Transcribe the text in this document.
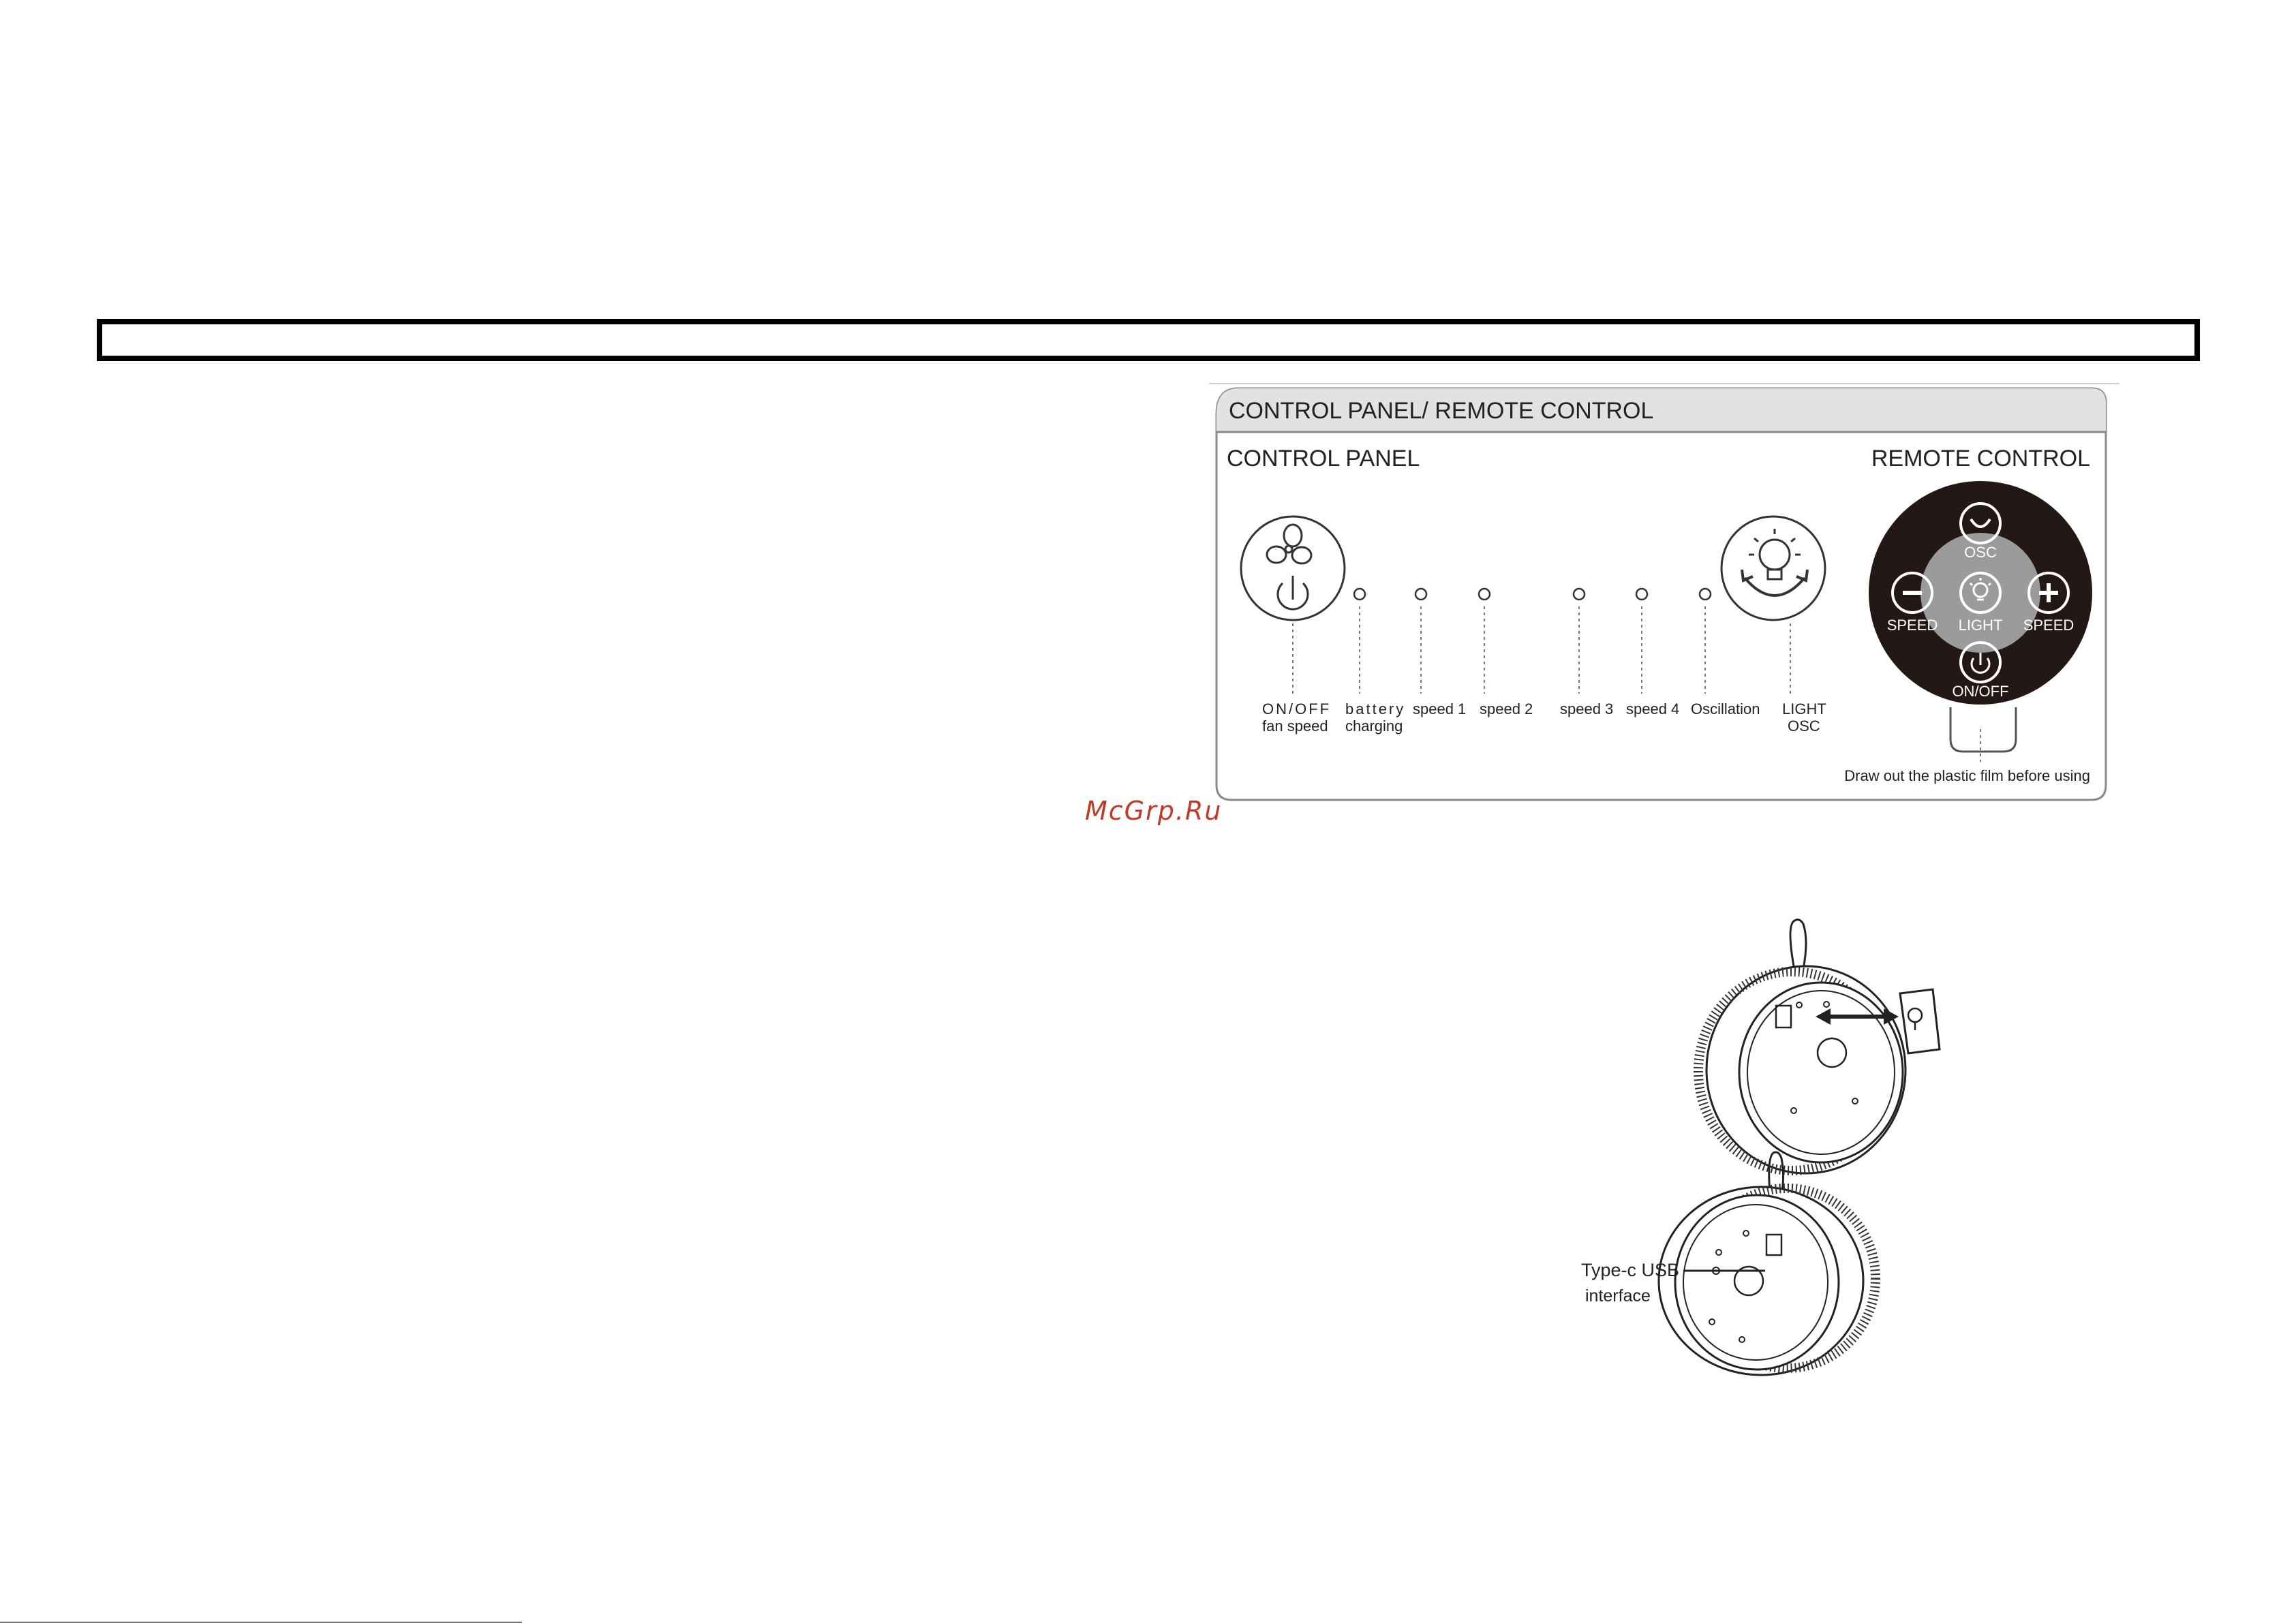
CONTROL PANEL/ REMOTE CONTROL
CONTROL PANEL	REMOTE CONTROL
ON/OFF
fan speed
battery
charging
speed 1 speed 2 speed 3 speed 4 Oscillation LIGHT
OSC
OSC
SPEED LIGHT SPEED
ON/OFF
Draw out the plastic film before using
Type-c USB
interface
McGrp.Ru
